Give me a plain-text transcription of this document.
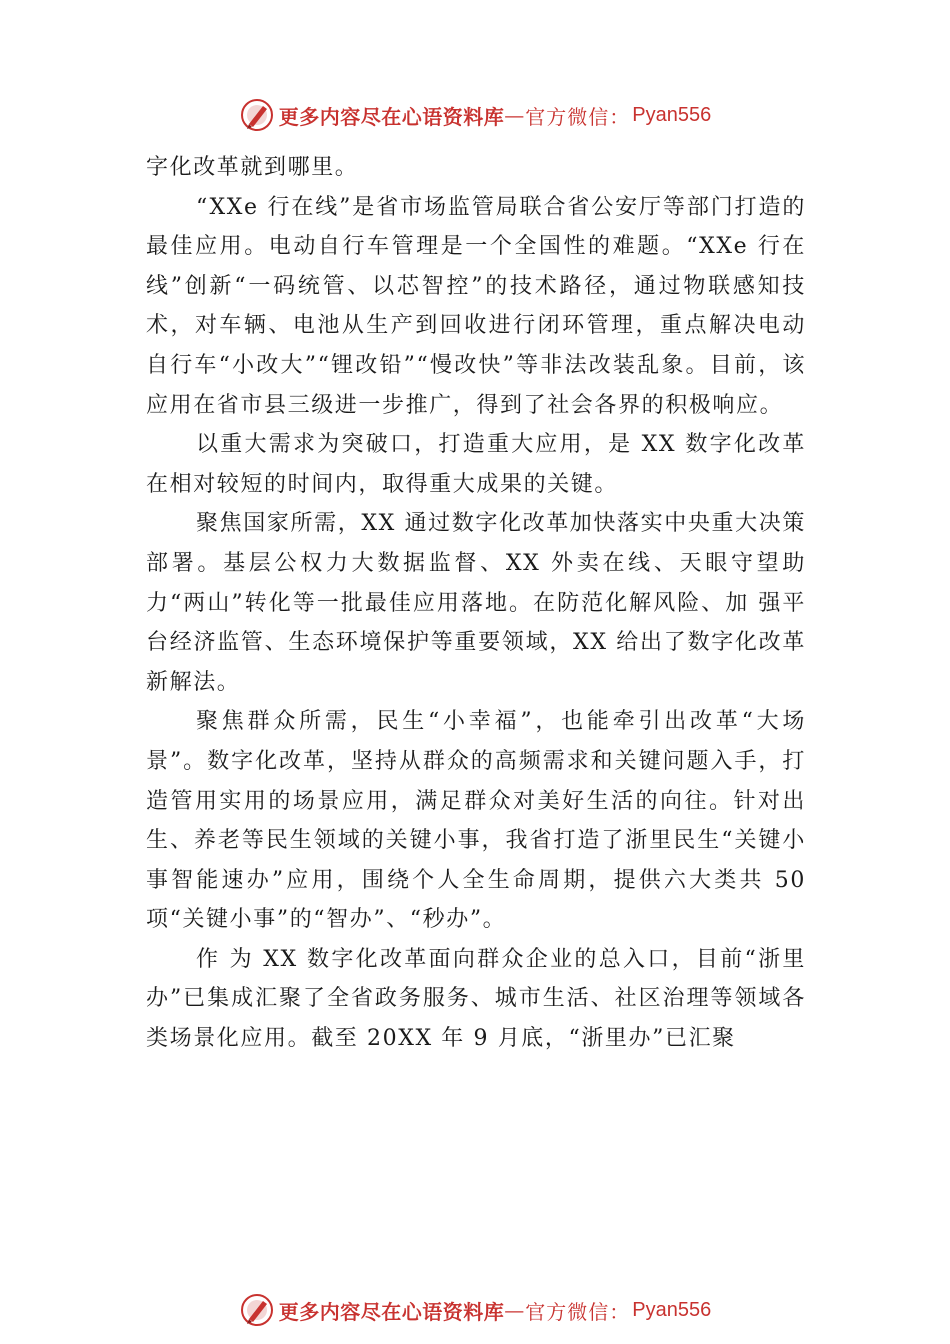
更多内容尽在心语资料库 — 官方微信： Pyan556

字化改革就到哪里。

“XXe 行在线”是省市场监管局联合省公安厅等部门打造的最佳应用。电动自行车管理是一个全国性的难题。“XXe 行在线”创新“一码统管、以芯智控”的技术路径，通过物联感知技术，对车辆、电池从生产到回收进行闭环管理，重点解决电动自行车“小改大”“锂改铅”“慢改快”等非法改装乱象。目前，该应用在省市县三级进一步推广，得到了社会各界的积极响应。

以重大需求为突破口，打造重大应用，是 XX 数字化改革在相对较短的时间内，取得重大成果的关键。

聚焦国家所需，XX 通过数字化改革加快落实中央重大决策部署。基层公权力大数据监督、XX 外卖在线、天眼守望助力“两山”转化等一批最佳应用落地。在防范化解风险、加 强平台经济监管、生态环境保护等重要领域，XX 给出了数字化改革新解法。

聚焦群众所需，民生“小幸福”，也能牵引出改革“大场景”。数字化改革，坚持从群众的高频需求和关键问题入手，打造管用实用的场景应用，满足群众对美好生活的向往。针对出生、养老等民生领域的关键小事，我省打造了浙里民生“关键小事智能速办”应用，围绕个人全生命周期，提供六大类共 50 项“关键小事”的“智办”、“秒办”。

作 为 XX 数字化改革面向群众企业的总入口，目前“浙里办”已集成汇聚了全省政务服务、城市生活、社区治理等领域各类场景化应用。截至 20XX 年 9 月底，“浙里办”已汇聚

更多内容尽在心语资料库 — 官方微信： Pyan556
